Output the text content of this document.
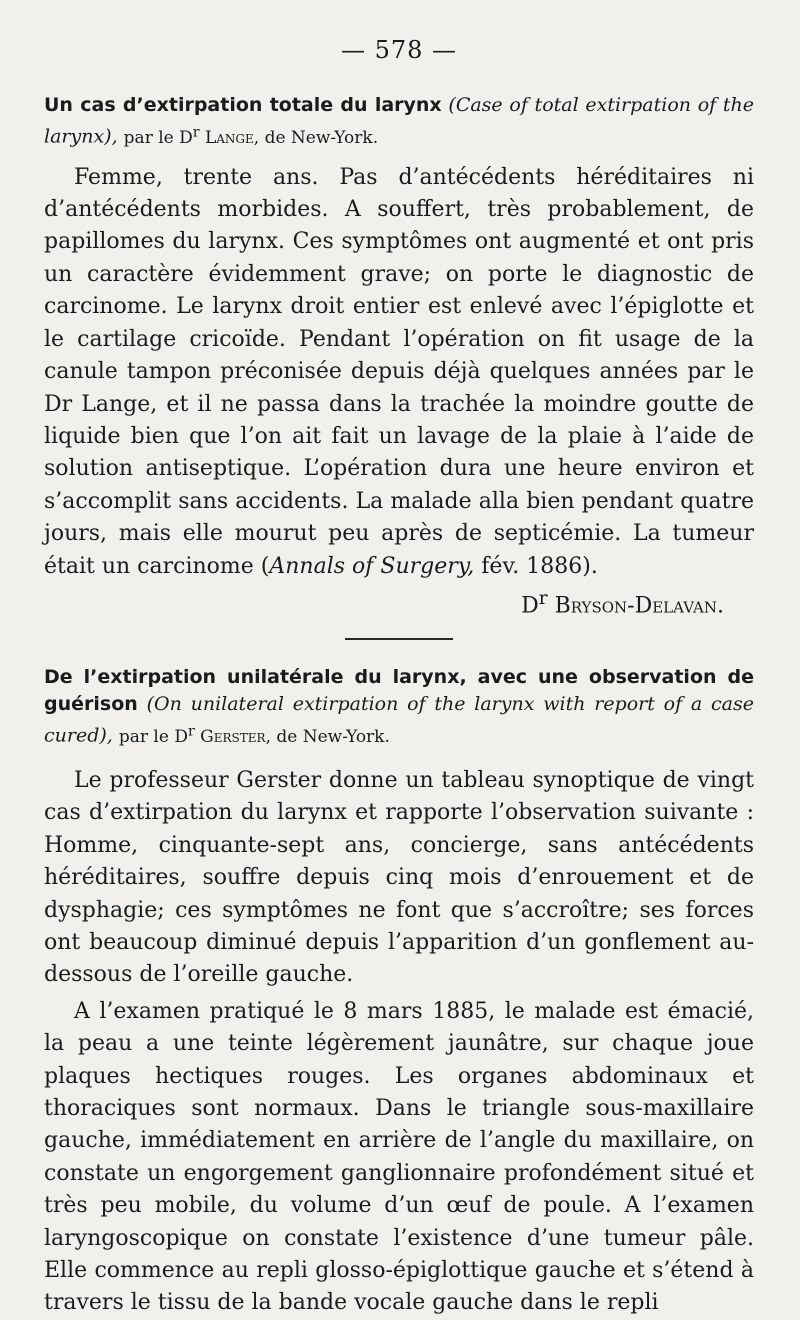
— 578 —

Un cas d’extirpation totale du larynx (Case of total extirpation of the larynx), par le $D^r$ Lange, de New-York.

Femme, trente ans. Pas d’antécédents héréditaires ni d’antécédents morbides. A souffert, très probablement, de papillomes du larynx. Ces symptômes ont augmenté et ont pris un caractère évidemment grave; on porte le diagnostic de carcinome. Le larynx droit entier est enlevé avec l’épiglotte et le cartilage cricoïde. Pendant l’opération on fit usage de la canule tampon préconisée depuis déjà quelques années par le Dr Lange, et il ne passa dans la trachée la moindre goutte de liquide bien que l’on ait fait un lavage de la plaie à l’aide de solution antiseptique. L’opération dura une heure environ et s’accomplit sans accidents. La malade alla bien pendant quatre jours, mais elle mourut peu après de septicémie. La tumeur était un carcinome (Annals of Surgery, fév. 1886).

$D^r$ Bryson-Delavan.

De l’extirpation unilatérale du larynx, avec une observation de guérison (On unilateral extirpation of the larynx with report of a case cured), par le $D^r$ Gerster, de New-York.

Le professeur Gerster donne un tableau synoptique de vingt cas d’extirpation du larynx et rapporte l’observation suivante : Homme, cinquante-sept ans, concierge, sans antécédents héréditaires, souffre depuis cinq mois d’enrouement et de dysphagie; ces symptômes ne font que s’accroître; ses forces ont beaucoup diminué depuis l’apparition d’un gonflement au-dessous de l’oreille gauche.

A l’examen pratiqué le 8 mars 1885, le malade est émacié, la peau a une teinte légèrement jaunâtre, sur chaque joue plaques hectiques rouges. Les organes abdominaux et thoraciques sont normaux. Dans le triangle sous-maxillaire gauche, immédiatement en arrière de l’angle du maxillaire, on constate un engorgement ganglionnaire profondément situé et très peu mobile, du volume d’un œuf de poule. A l’examen laryngoscopique on constate l’existence d’une tumeur pâle. Elle commence au repli glosso-épiglottique gauche et s’étend à travers le tissu de la bande vocale gauche dans le repli
